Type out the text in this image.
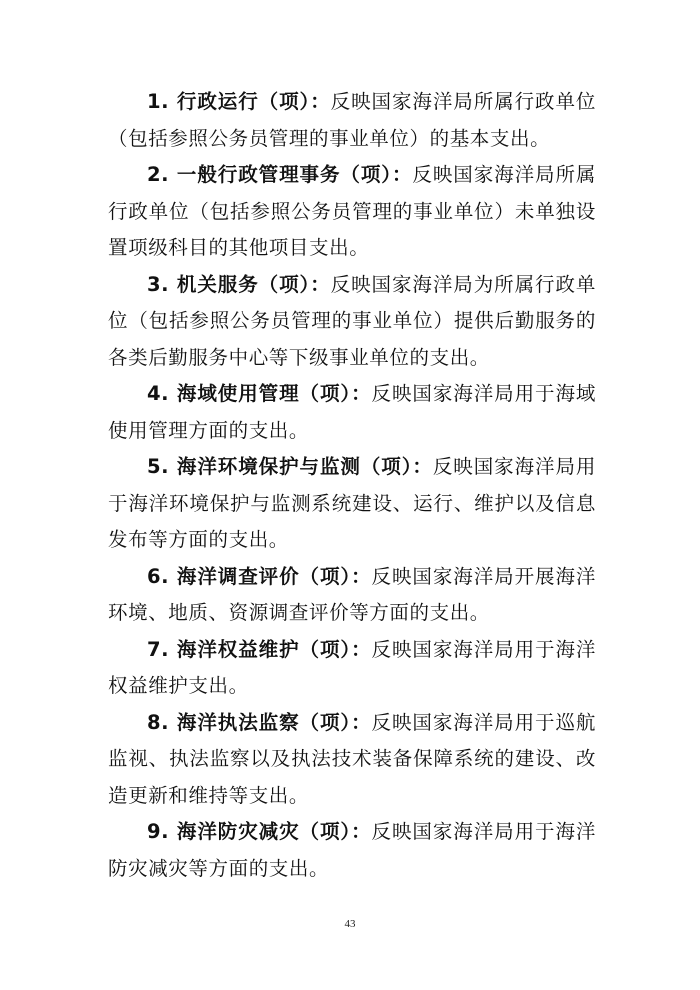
1. 行政运行（项）：反映国家海洋局所属行政单位（包括参照公务员管理的事业单位）的基本支出。

2. 一般行政管理事务（项）：反映国家海洋局所属行政单位（包括参照公务员管理的事业单位）未单独设置项级科目的其他项目支出。

3. 机关服务（项）：反映国家海洋局为所属行政单位（包括参照公务员管理的事业单位）提供后勤服务的各类后勤服务中心等下级事业单位的支出。

4. 海域使用管理（项）：反映国家海洋局用于海域使用管理方面的支出。

5. 海洋环境保护与监测（项）：反映国家海洋局用于海洋环境保护与监测系统建设、运行、维护以及信息发布等方面的支出。

6. 海洋调查评价（项）：反映国家海洋局开展海洋环境、地质、资源调查评价等方面的支出。

7. 海洋权益维护（项）：反映国家海洋局用于海洋权益维护支出。

8. 海洋执法监察（项）：反映国家海洋局用于巡航监视、执法监察以及执法技术装备保障系统的建设、改造更新和维持等支出。

9. 海洋防灾减灾（项）：反映国家海洋局用于海洋防灾减灾等方面的支出。

43
